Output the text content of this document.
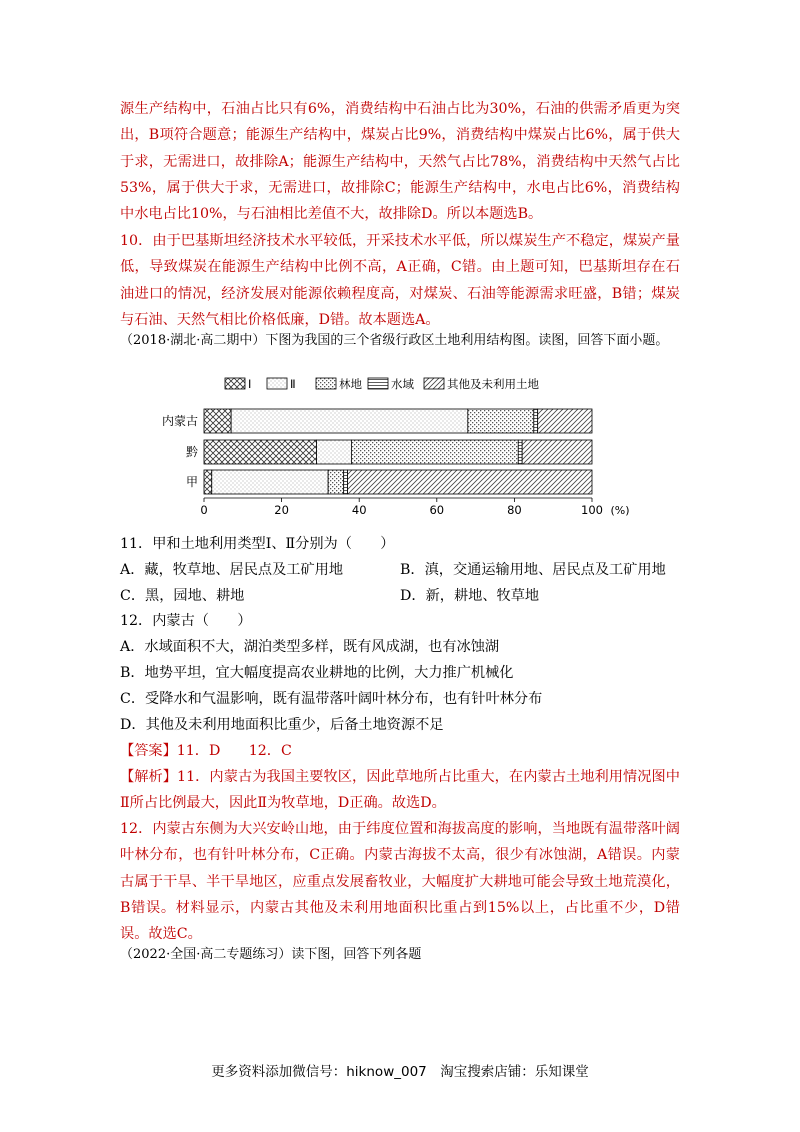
源生产结构中，石油占比只有6%，消费结构中石油占比为30%，石油的供需矛盾更为突出，B项符合题意；能源生产结构中，煤炭占比9%，消费结构中煤炭占比6%，属于供大于求，无需进口，故排除A；能源生产结构中，天然气占比78%，消费结构中天然气占比53%，属于供大于求，无需进口，故排除C；能源生产结构中，水电占比6%，消费结构中水电占比10%，与石油相比差值不大，故排除D。所以本题选B。

10．由于巴基斯坦经济技术水平较低，开采技术水平低，所以煤炭生产不稳定，煤炭产量低，导致煤炭在能源生产结构中比例不高，A正确，C错。由上题可知，巴基斯坦存在石油进口的情况，经济发展对能源依赖程度高，对煤炭、石油等能源需求旺盛，B错；煤炭与石油、天然气相比价格低廉，D错。故本题选A。

（2018·湖北·高二期中）下图为我国的三个省级行政区土地利用结构图。读图，回答下面小题。

Ⅰ	Ⅱ	林地	水域	其他及未利用土地
内蒙古
黔
甲
0	20	40	60	80	100 (%)
11．甲和土地利用类型Ⅰ、Ⅱ分别为（　　）
A．藏，牧草地、居民点及工矿用地	B．滇，交通运输用地、居民点及工矿用地
C．黑，园地、耕地	D．新，耕地、牧草地
12．内蒙古（　　）
A．水域面积不大，湖泊类型多样，既有风成湖，也有冰蚀湖
B．地势平坦，宜大幅度提高农业耕地的比例，大力推广机械化
C．受降水和气温影响，既有温带落叶阔叶林分布，也有针叶林分布
D．其他及未利用地面积比重少，后备土地资源不足
【答案】11．D　　12．C

【解析】11．内蒙古为我国主要牧区，因此草地所占比重大，在内蒙古土地利用情况图中Ⅱ所占比例最大，因此Ⅱ为牧草地，D正确。故选D。

12．内蒙古东侧为大兴安岭山地，由于纬度位置和海拔高度的影响，当地既有温带落叶阔叶林分布，也有针叶林分布，C正确。内蒙古海拔不太高，很少有冰蚀湖，A错误。内蒙古属于干旱、半干旱地区，应重点发展畜牧业，大幅度扩大耕地可能会导致土地荒漠化，B错误。材料显示，内蒙古其他及未利用地面积比重占到15%以上，占比重不少，D错误。故选C。

（2022·全国·高二专题练习）读下图，回答下列各题
更多资料添加微信号：hiknow_007　淘宝搜索店铺：乐知课堂
